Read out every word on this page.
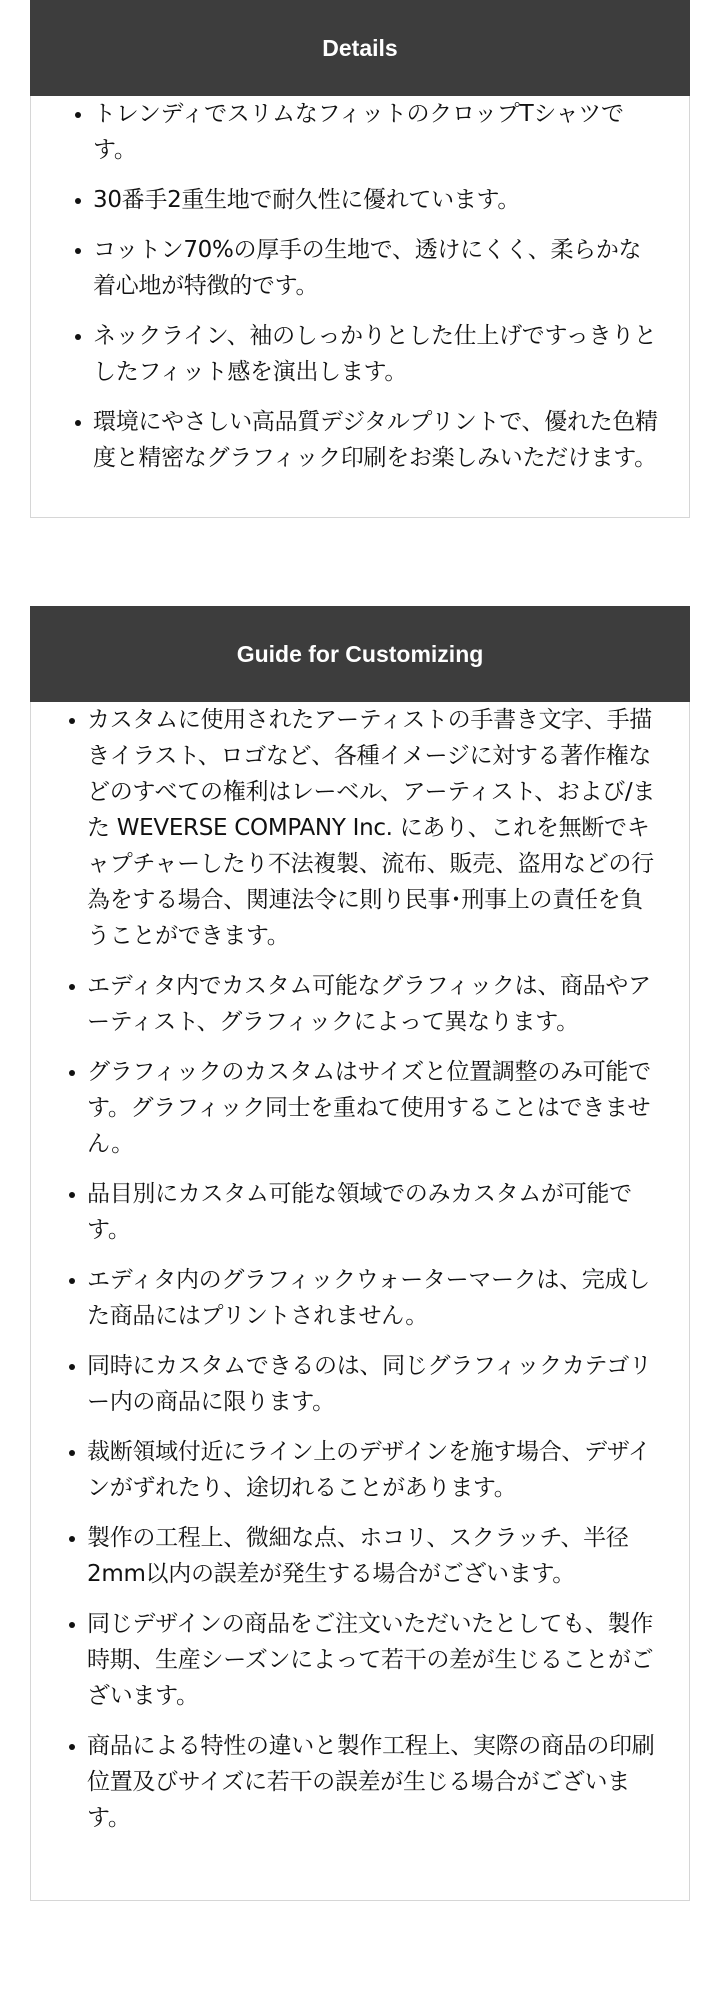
Details
トレンディでスリムなフィットのクロップTシャツです。
30番手2重生地で耐久性に優れています。
コットン70%の厚手の生地で、透けにくく、柔らかな着心地が特徴的です。
ネックライン、袖のしっかりとした仕上げですっきりとしたフィット感を演出します。
環境にやさしい高品質デジタルプリントで、優れた色精度と精密なグラフィック印刷をお楽しみいただけます。
Guide for Customizing
カスタムに使用されたアーティストの手書き文字、手描きイラスト、ロゴなど、各種イメージに対する著作権などのすべての権利はレーベル、アーティスト、および/また WEVERSE COMPANY Inc. にあり、これを無断でキャプチャーしたり不法複製、流布、販売、盗用などの行為をする場合、関連法令に則り民事･刑事上の責任を負うことができます。
エディタ内でカスタム可能なグラフィックは、商品やアーティスト、グラフィックによって異なります。
グラフィックのカスタムはサイズと位置調整のみ可能です。グラフィック同士を重ねて使用することはできません。
品目別にカスタム可能な領域でのみカスタムが可能です。
エディタ内のグラフィックウォーターマークは、完成した商品にはプリントされません。
同時にカスタムできるのは、同じグラフィックカテゴリー内の商品に限ります。
裁断領域付近にライン上のデザインを施す場合、デザインがずれたり、途切れることがあります。
製作の工程上、微細な点、ホコリ、スクラッチ、半径2mm以内の誤差が発生する場合がございます。
同じデザインの商品をご注文いただいたとしても、製作時期、生産シーズンによって若干の差が生じることがございます。
商品による特性の違いと製作工程上、実際の商品の印刷位置及びサイズに若干の誤差が生じる場合がございます。
